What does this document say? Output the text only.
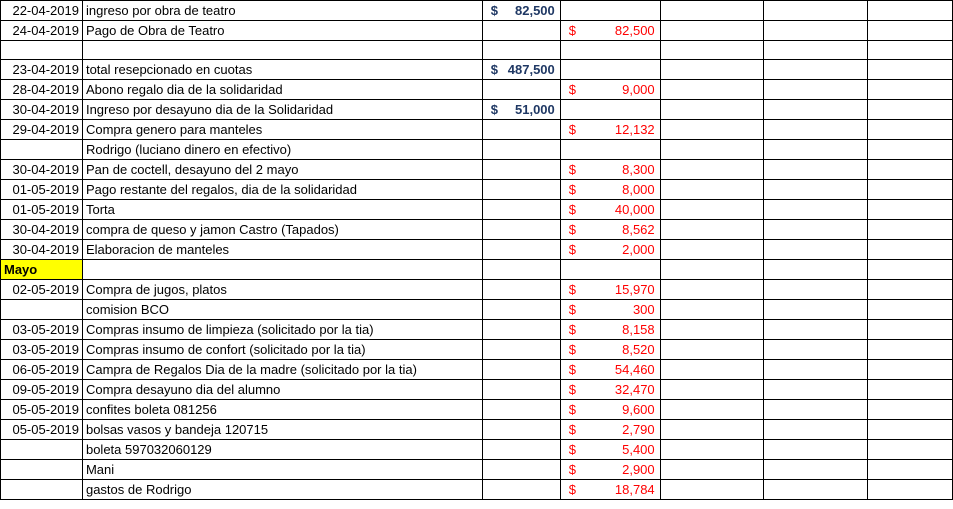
22-04-2019	ingreso por obra de teatro	$ 82,500				

24-04-2019	Pago de Obra de Teatro		$ 82,500			

23-04-2019	total resepcionado en cuotas	$ 487,500				

28-04-2019	Abono regalo dia de la solidaridad		$ 9,000			

30-04-2019	Ingreso por desayuno dia de la Solidaridad	$ 51,000				

29-04-2019	Compra genero para manteles		$ 12,132			

	Rodrigo (luciano dinero en efectivo)					
30-04-2019	Pan de coctell, desayuno del 2 mayo		$ 8,300			

01-05-2019	Pago restante del regalos, dia de la solidaridad		$ 8,000			

01-05-2019	Torta		$ 40,000			

30-04-2019	compra de queso y jamon Castro (Tapados)		$ 8,562			

30-04-2019	Elaboracion de manteles		$ 2,000			

Mayo						
02-05-2019	Compra de jugos, platos		$ 15,970			

	comision BCO		$ 300			

03-05-2019	Compras insumo de limpieza (solicitado por la tia)		$ 8,158			

03-05-2019	Compras insumo de confort (solicitado por la tia)		$ 8,520			

06-05-2019	Campra de Regalos Dia de la madre (solicitado por la tia)		$ 54,460			

09-05-2019	Compra desayuno dia del alumno		$ 32,470			

05-05-2019	confites boleta 081256		$ 9,600			

05-05-2019	bolsas vasos y bandeja 120715		$ 2,790			

	boleta 597032060129		$ 5,400			

	Mani		$ 2,900			

	gastos de Rodrigo		$ 18,784			
